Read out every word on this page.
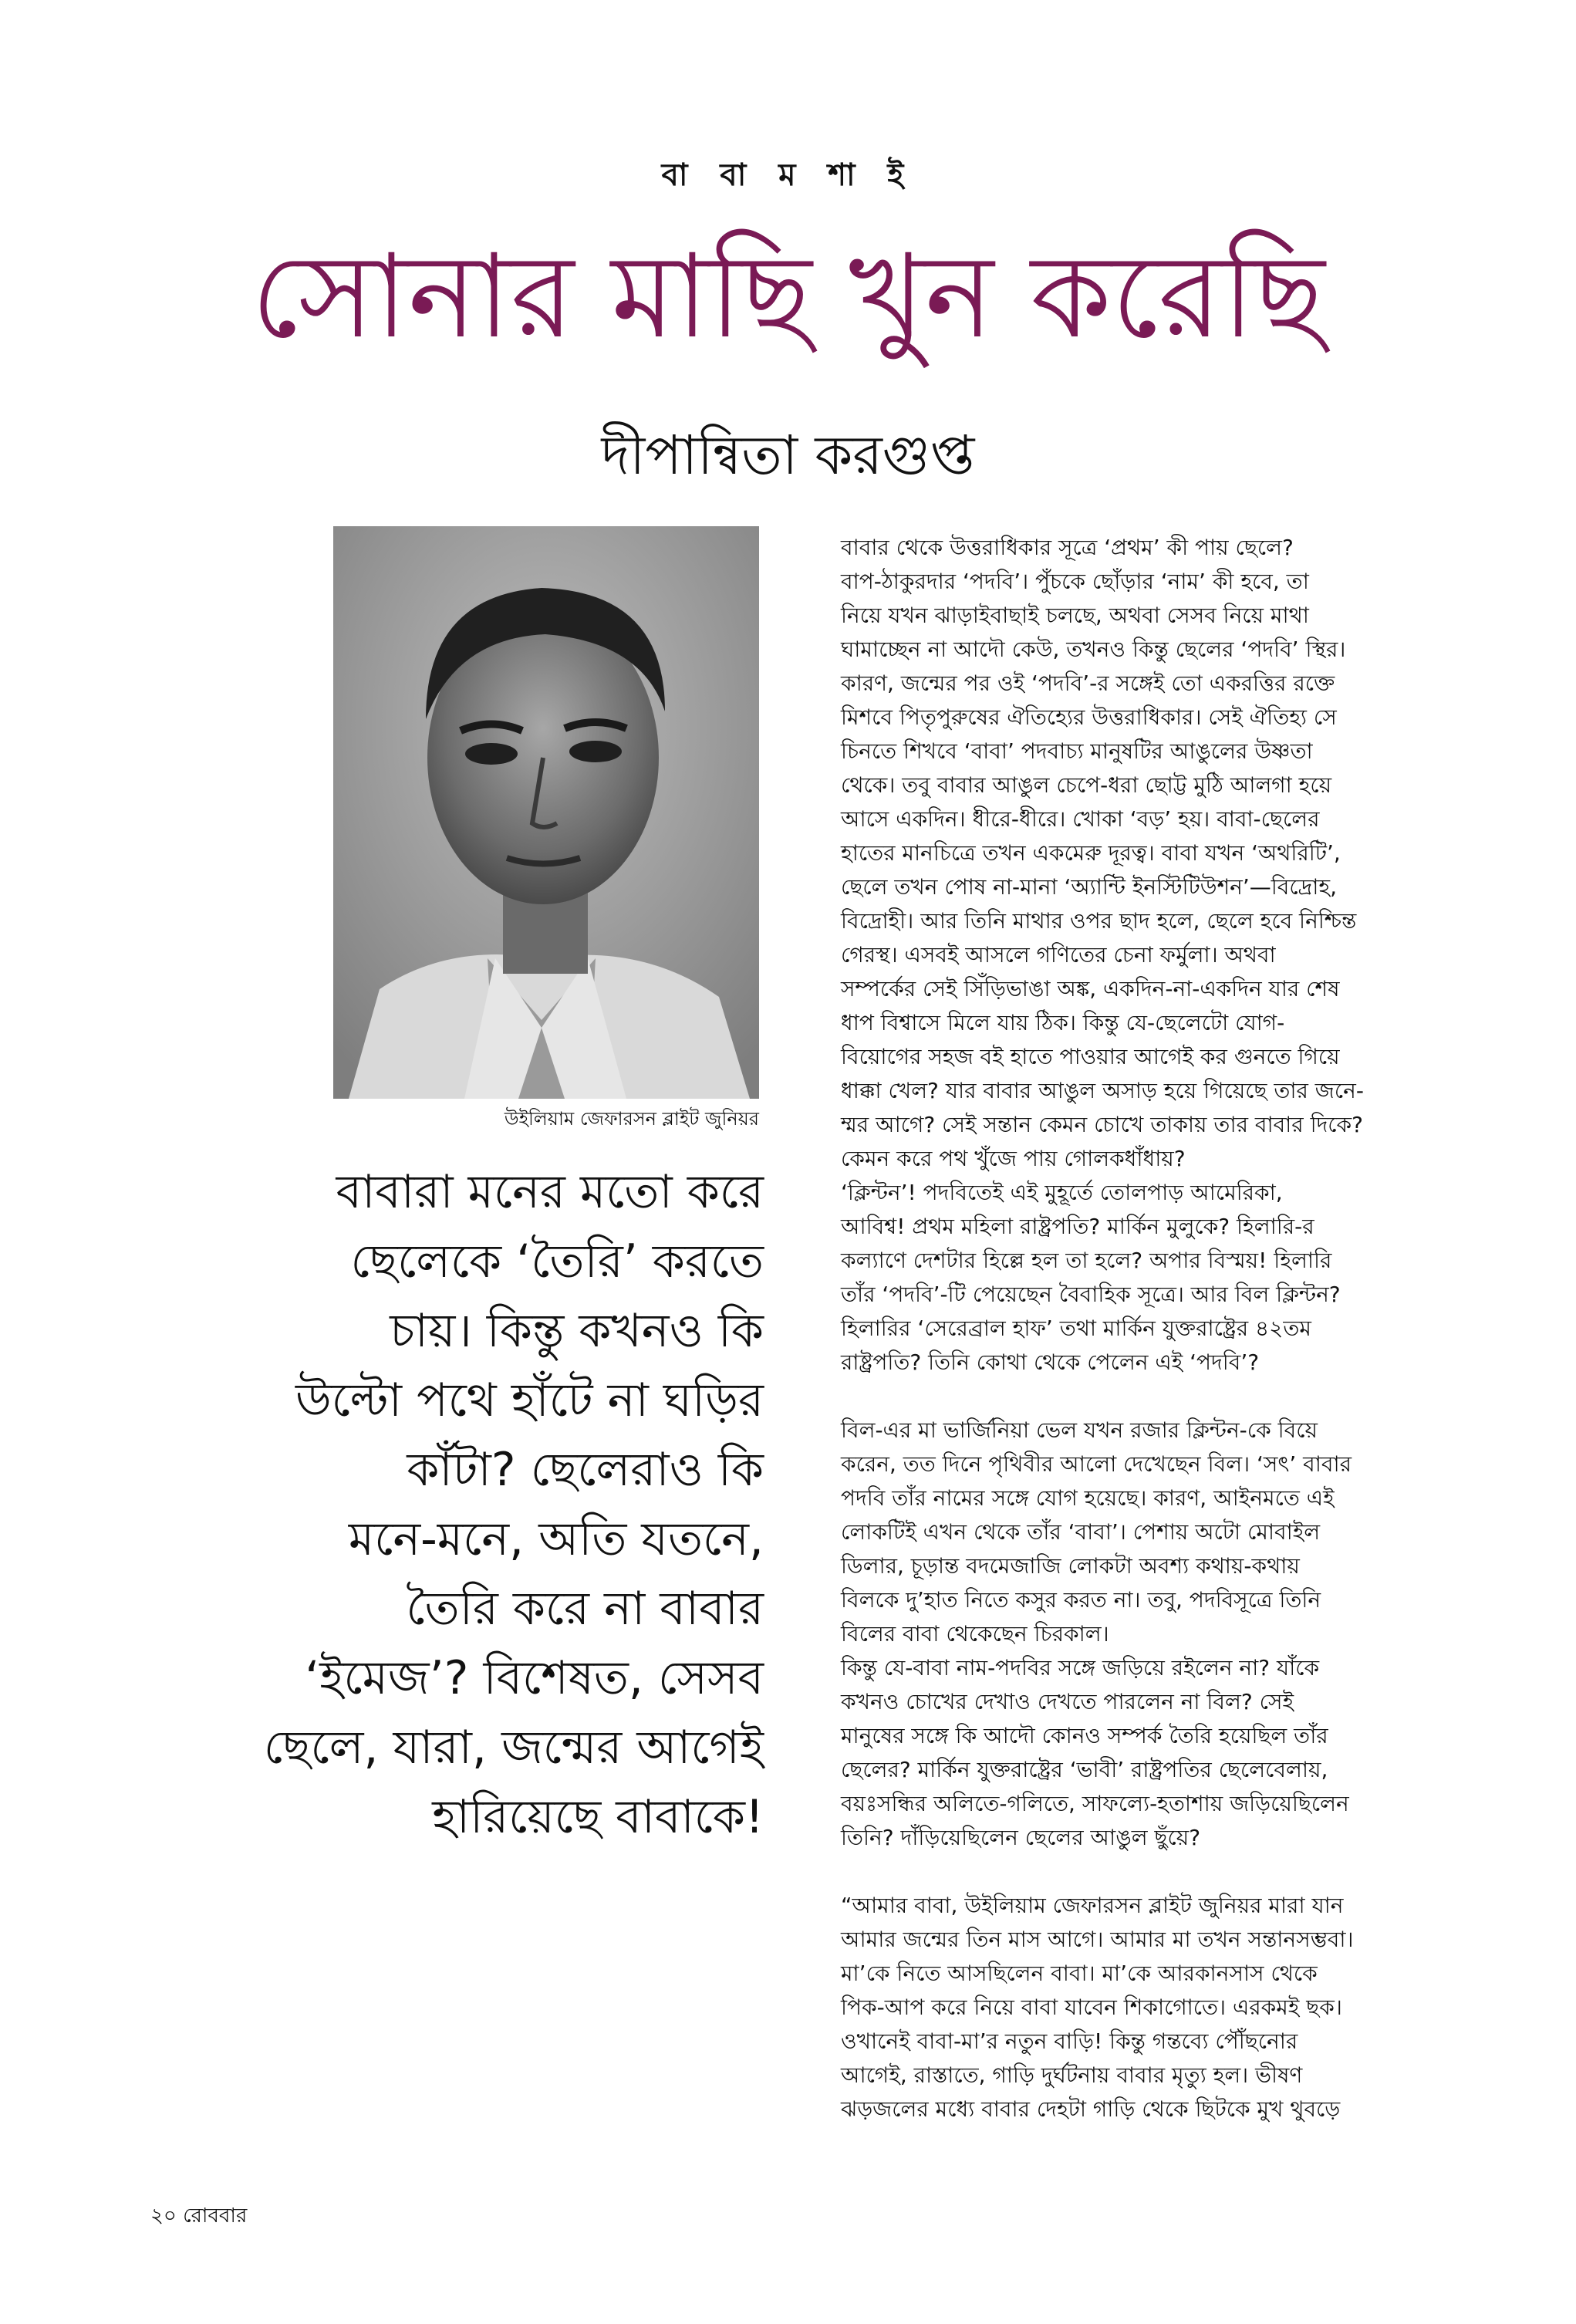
বা বা ম শা ই
সোনার মাছি খুন করেছি
দীপান্বিতা করগুপ্ত
উইলিয়াম জেফারসন ব্লাইট জুনিয়র
বাবারা মনের মতো করে
ছেলেকে ‘তৈরি’ করতে
চায়। কিন্তু কখনও কি
উল্টো পথে হাঁটে না ঘড়ির
কাঁটা? ছেলেরাও কি
মনে-মনে, অতি যতনে,
তৈরি করে না বাবার
‘ইমেজ’? বিশেষত, সেসব
ছেলে, যারা, জন্মের আগেই
হারিয়েছে বাবাকে!
বাবার থেকে উত্তরাধিকার সূত্রে ‘প্রথম’ কী পায় ছেলে?
বাপ-ঠাকুরদার ‘পদবি’। পুঁচকে ছোঁড়ার ‘নাম’ কী হবে, তা
নিয়ে যখন ঝাড়াইবাছাই চলছে, অথবা সেসব নিয়ে মাথা
ঘামাচ্ছেন না আদৌ কেউ, তখনও কিন্তু ছেলের ‘পদবি’ স্থির।
কারণ, জন্মের পর ওই ‘পদবি’-র সঙ্গেই তো একরত্তির রক্তে
মিশবে পিতৃপুরুষের ঐতিহ্যের উত্তরাধিকার। সেই ঐতিহ্য সে
চিনতে শিখবে ‘বাবা’ পদবাচ্য মানুষটির আঙুলের উষ্ণতা
থেকে। তবু বাবার আঙুল চেপে-ধরা ছোট্ট মুঠি আলগা হয়ে
আসে একদিন। ধীরে-ধীরে। খোকা ‘বড়’ হয়। বাবা-ছেলের
হাতের মানচিত্রে তখন একমেরু দূরত্ব। বাবা যখন ‘অথরিটি’,
ছেলে তখন পোষ না-মানা ‘অ্যান্টি ইনস্টিটিউশন’—বিদ্রোহ,
বিদ্রোহী। আর তিনি মাথার ওপর ছাদ হলে, ছেলে হবে নিশ্চিন্ত
গেরস্থ। এসবই আসলে গণিতের চেনা ফর্মুলা। অথবা
সম্পর্কের সেই সিঁড়িভাঙা অঙ্ক, একদিন-না-একদিন যার শেষ
ধাপ বিশ্বাসে মিলে যায় ঠিক। কিন্তু যে-ছেলেটো যোগ-
বিয়োগের সহজ বই হাতে পাওয়ার আগেই কর গুনতে গিয়ে
ধাক্কা খেল? যার বাবার আঙুল অসাড় হয়ে গিয়েছে তার জনে-
ম্মর আগে? সেই সন্তান কেমন চোখে তাকায় তার বাবার দিকে?
কেমন করে পথ খুঁজে পায় গোলকধাঁধায়?
‘ক্লিন্টন’! পদবিতেই এই মুহূর্তে তোলপাড় আমেরিকা,
আবিশ্ব! প্রথম মহিলা রাষ্ট্রপতি? মার্কিন মুলুকে? হিলারি-র
কল্যাণে দেশটার হিল্লে হল তা হলে? অপার বিস্ময়! হিলারি
তাঁর ‘পদবি’-টি পেয়েছেন বৈবাহিক সূত্রে। আর বিল ক্লিন্টন?
হিলারির ‘সেরেব্রাল হাফ’ তথা মার্কিন যুক্তরাষ্ট্রের ৪২তম
রাষ্ট্রপতি? তিনি কোথা থেকে পেলেন এই ‘পদবি’?
বিল-এর মা ভার্জিনিয়া ভেল যখন রজার ক্লিন্টন-কে বিয়ে
করেন, তত দিনে পৃথিবীর আলো দেখেছেন বিল। ‘সৎ’ বাবার
পদবি তাঁর নামের সঙ্গে যোগ হয়েছে। কারণ, আইনমতে এই
লোকটিই এখন থেকে তাঁর ‘বাবা’। পেশায় অটো মোবাইল
ডিলার, চূড়ান্ত বদমেজাজি লোকটা অবশ্য কথায়-কথায়
বিলকে দু’হাত নিতে কসুর করত না। তবু, পদবিসূত্রে তিনি
বিলের বাবা থেকেছেন চিরকাল।
কিন্তু যে-বাবা নাম-পদবির সঙ্গে জড়িয়ে রইলেন না? যাঁকে
কখনও চোখের দেখাও দেখতে পারলেন না বিল? সেই
মানুষের সঙ্গে কি আদৌ কোনও সম্পর্ক তৈরি হয়েছিল তাঁর
ছেলের? মার্কিন যুক্তরাষ্ট্রের ‘ভাবী’ রাষ্ট্রপতির ছেলেবেলায়,
বয়ঃসন্ধির অলিতে-গলিতে, সাফল্যে-হতাশায় জড়িয়েছিলেন
তিনি? দাঁড়িয়েছিলেন ছেলের আঙুল ছুঁয়ে?
“আমার বাবা, উইলিয়াম জেফারসন ব্লাইট জুনিয়র মারা যান
আমার জন্মের তিন মাস আগে। আমার মা তখন সন্তানসম্ভবা।
মা’কে নিতে আসছিলেন বাবা। মা’কে আরকানসাস থেকে
পিক-আপ করে নিয়ে বাবা যাবেন শিকাগোতে। এরকমই ছক।
ওখানেই বাবা-মা’র নতুন বাড়ি! কিন্তু গন্তব্যে পৌঁছনোর
আগেই, রাস্তাতে, গাড়ি দুর্ঘটনায় বাবার মৃত্যু হল। ভীষণ
ঝড়জলের মধ্যে বাবার দেহটা গাড়ি থেকে ছিটকে মুখ থুবড়ে
২০ রোববার
